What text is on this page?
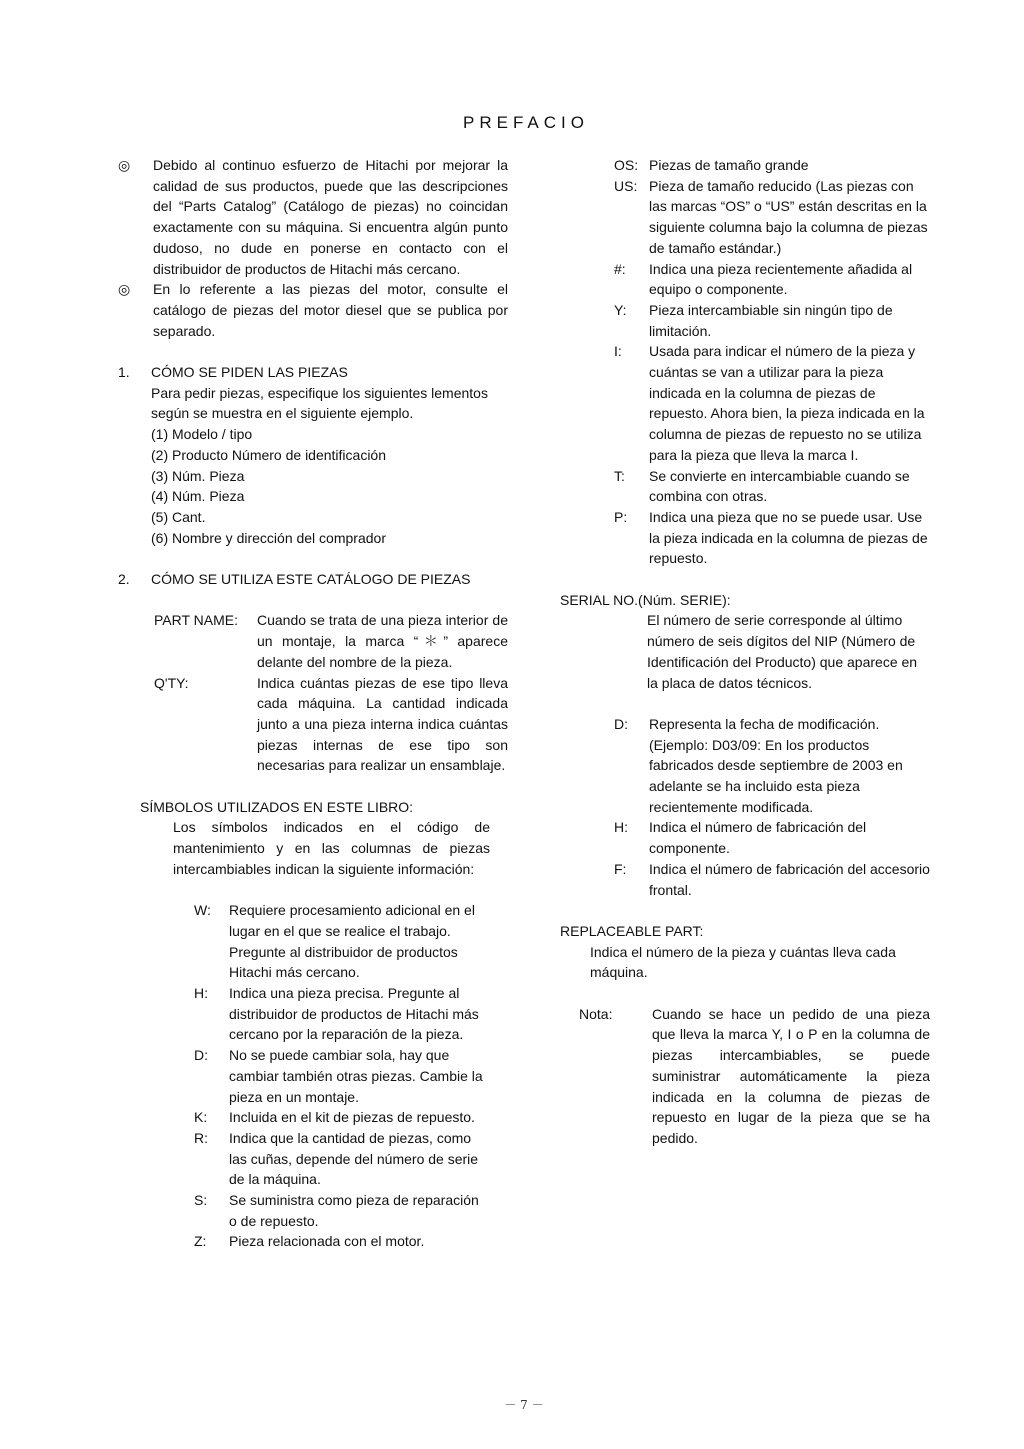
PREFACIO
◎	Debido al continuo esfuerzo de Hitachi por mejorar la calidad de sus productos, puede que las descripciones del “Parts Catalog” (Catálogo de piezas) no coincidan exactamente con su máquina. Si encuentra algún punto dudoso, no dude en ponerse en contacto con el distribuidor de productos de Hitachi más cercano.
◎	En lo referente a las piezas del motor, consulte el catálogo de piezas del motor diesel que se publica por separado.
1.	CÓMO SE PIDEN LAS PIEZAS

Para pedir piezas, especifique los siguientes lementos según se muestra en el siguiente ejemplo.

(1) Modelo / tipo

(2) Producto Número de identificación

(3) Núm. Pieza

(4) Núm. Pieza

(5) Cant.

(6) Nombre y dirección del comprador

2.	CÓMO SE UTILIZA ESTE CATÁLOGO DE PIEZAS
PART NAME:	Cuando se trata de una pieza interior de un montaje, la marca “＊” aparece delante del nombre de la pieza.
Q'TY:	Indica cuántas piezas de ese tipo lleva cada máquina. La cantidad indicada junto a una pieza interna indica cuántas piezas internas de ese tipo son necesarias para realizar un ensamblaje.
SÍMBOLOS UTILIZADOS EN ESTE LIBRO:
Los símbolos indicados en el código de mantenimiento y en las columnas de piezas intercambiables indican la siguiente información:
W:	Requiere procesamiento adicional en el lugar en el que se realice el trabajo. Pregunte al distribuidor de productos Hitachi más cercano.
H:	Indica una pieza precisa. Pregunte al distribuidor de productos de Hitachi más cercano por la reparación de la pieza.
D:	No se puede cambiar sola, hay que cambiar también otras piezas. Cambie la pieza en un montaje.
K:	Incluida en el kit de piezas de repuesto.
R:	Indica que la cantidad de piezas, como las cuñas, depende del número de serie de la máquina.
S:	Se suministra como pieza de reparación o de repuesto.
Z:	Pieza relacionada con el motor.
OS: Piezas de tamaño grande
US: Pieza de tamaño reducido (Las piezas con las marcas “OS” o “US” están descritas en la siguiente columna bajo la columna de piezas de tamaño estándar.)
#:	Indica una pieza recientemente añadida al equipo o componente.
Y:	Pieza intercambiable sin ningún tipo de limitación.
I:	Usada para indicar el número de la pieza y cuántas se van a utilizar para la pieza indicada en la columna de piezas de repuesto. Ahora bien, la pieza indicada en la columna de piezas de repuesto no se utiliza para la pieza que lleva la marca I.
T:	Se convierte en intercambiable cuando se combina con otras.
P:	Indica una pieza que no se puede usar. Use la pieza indicada en la columna de piezas de repuesto.
SERIAL NO.(Núm. SERIE):
El número de serie corresponde al último número de seis dígitos del NIP (Número de Identificación del Producto) que aparece en la placa de datos técnicos.
D:	Representa la fecha de modificación. (Ejemplo: D03/09: En los productos fabricados desde septiembre de 2003 en adelante se ha incluido esta pieza recientemente modificada.
H:	Indica el número de fabricación del componente.
F:	Indica el número de fabricación del accesorio frontal.
REPLACEABLE PART:
Indica el número de la pieza y cuántas lleva cada máquina.
Nota:	Cuando se hace un pedido de una pieza que lleva la marca Y, I o P en la columna de piezas intercambiables, se puede suministrar automáticamente la pieza indicada en la columna de piezas de repuesto en lugar de la pieza que se ha pedido.
－ 7 －
